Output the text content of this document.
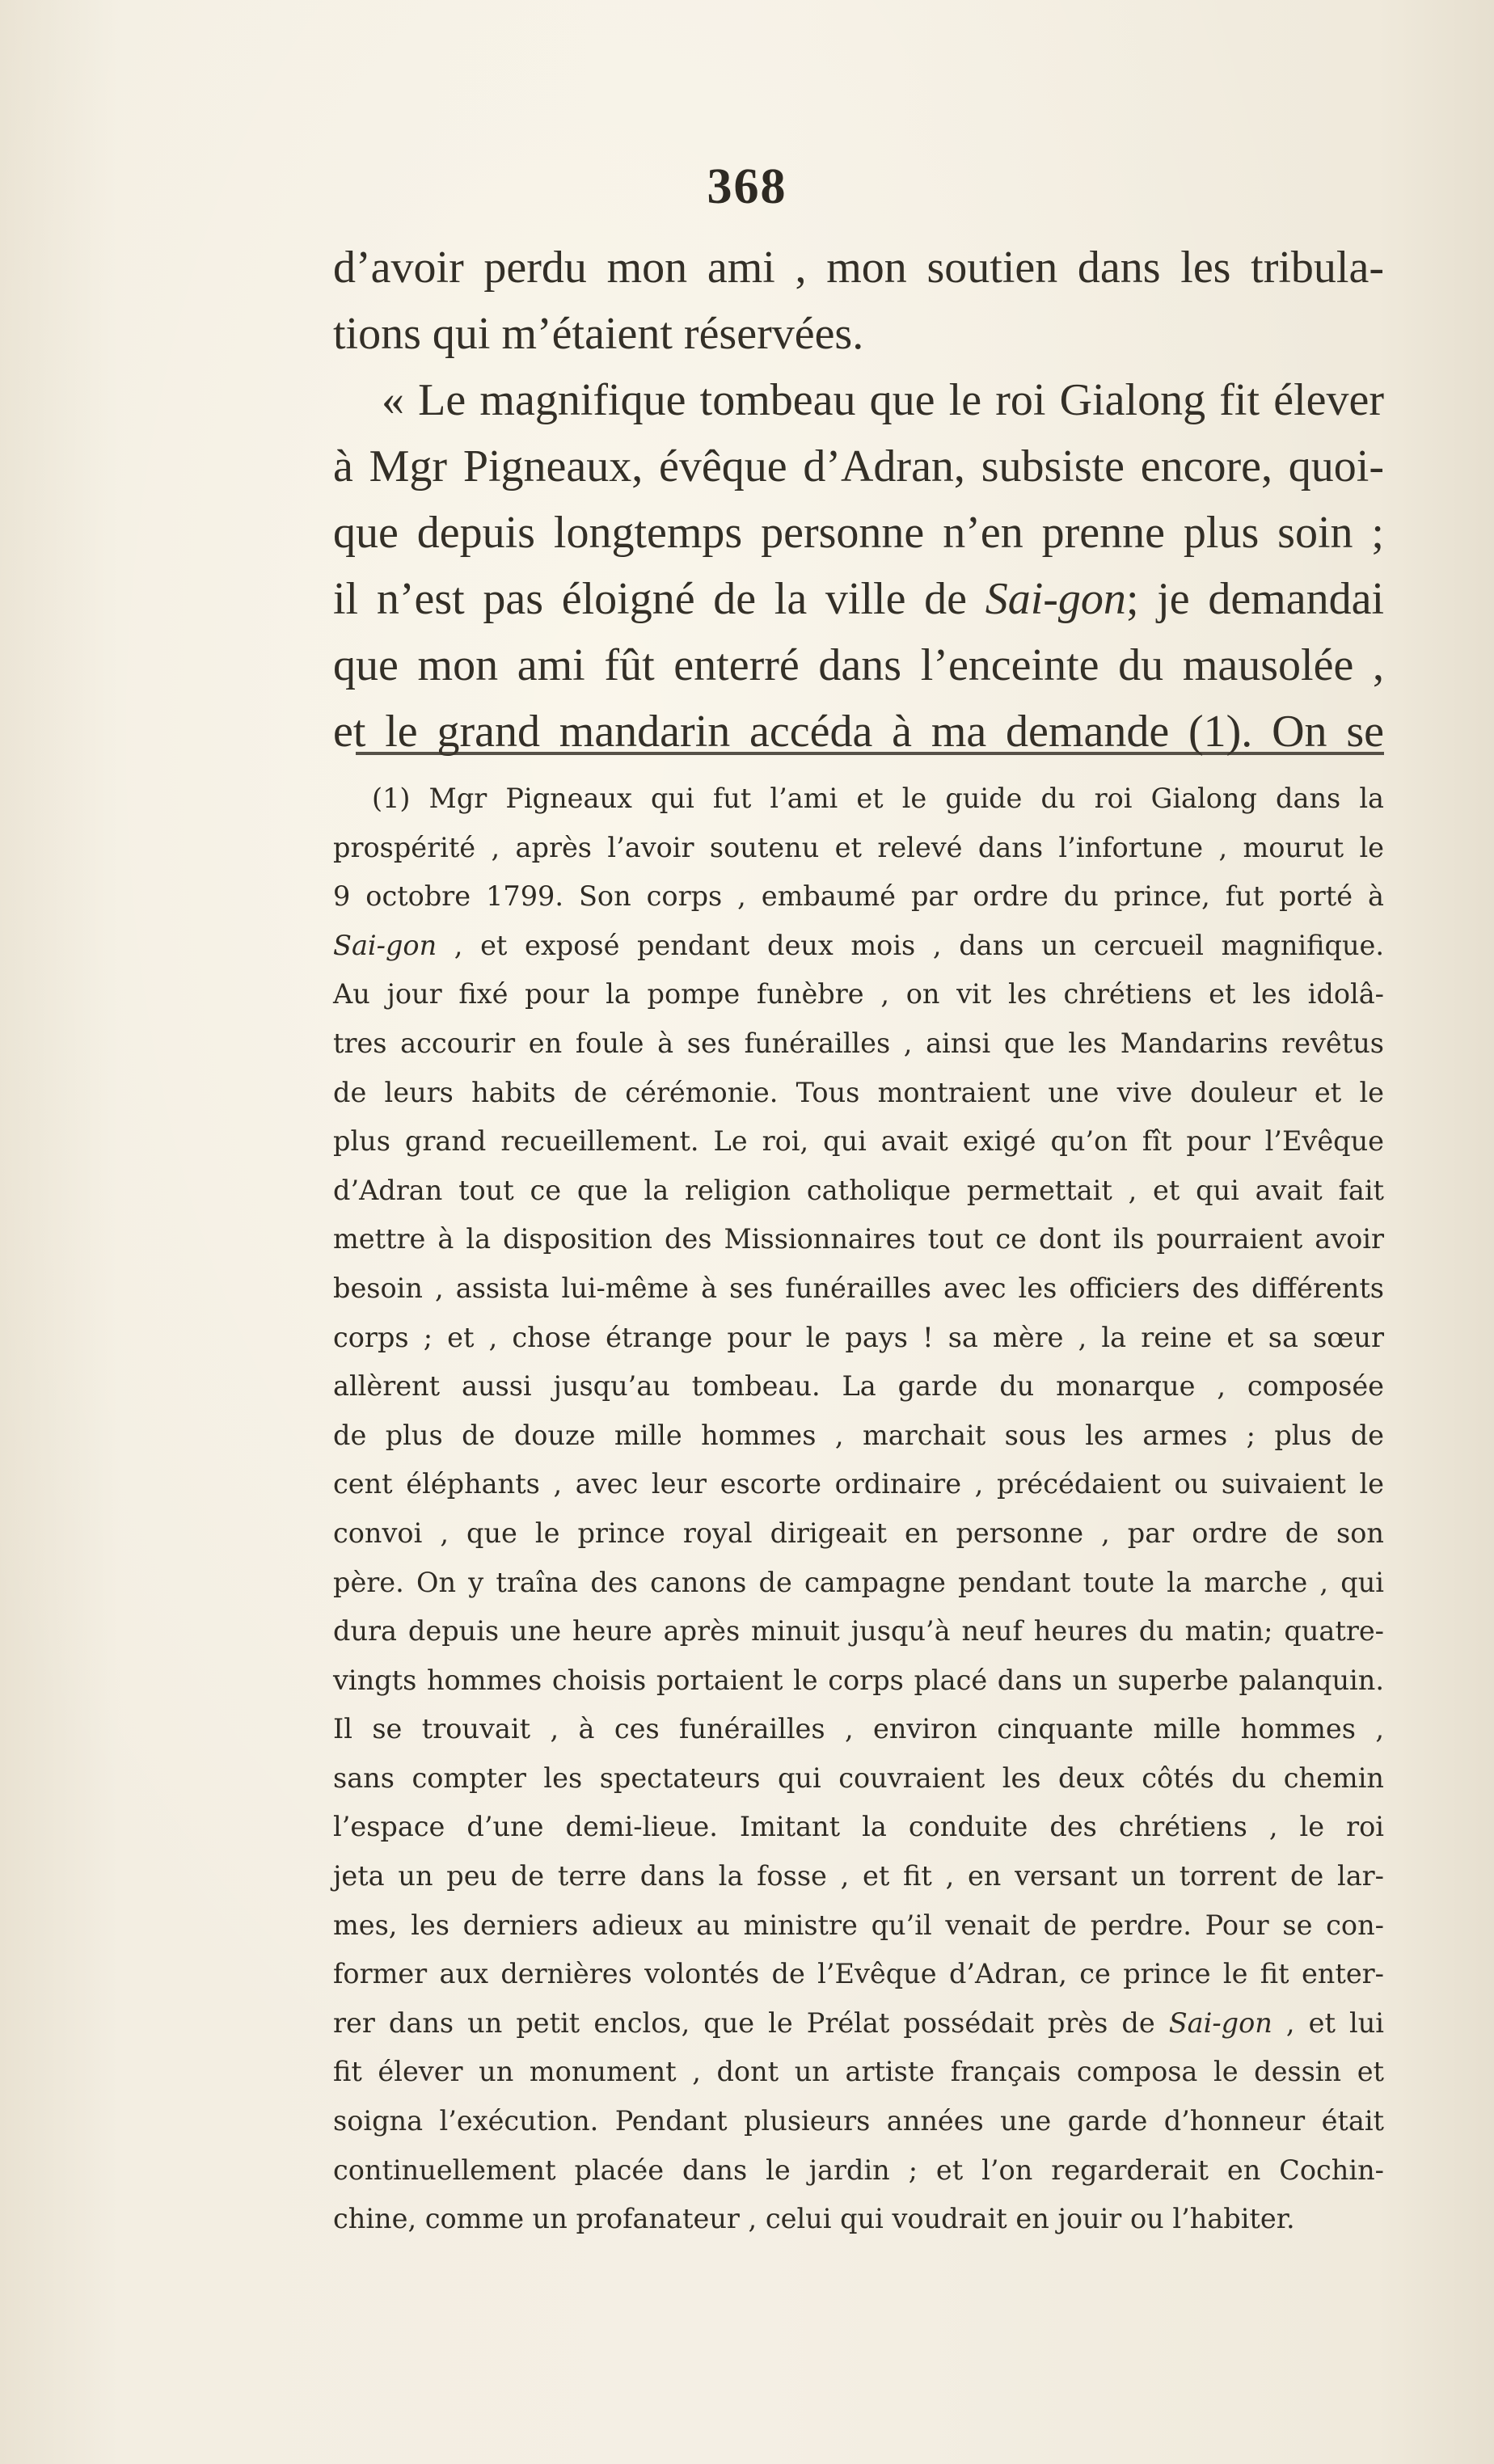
368
d’avoir perdu mon ami , mon soutien dans les tribula-
tions qui m’étaient réservées.
« Le magnifique tombeau que le roi Gialong fit élever
à Mgr Pigneaux, évêque d’Adran, subsiste encore, quoi-
que depuis longtemps personne n’en prenne plus soin ;
il n’est pas éloigné de la ville de Sai-gon; je demandai
que mon ami fût enterré dans l’enceinte du mausolée ,
et le grand mandarin accéda à ma demande (1). On se
(1) Mgr Pigneaux qui fut l’ami et le guide du roi Gialong dans la
prospérité , après l’avoir soutenu et relevé dans l’infortune , mourut le
9 octobre 1799. Son corps , embaumé par ordre du prince, fut porté à
Sai-gon , et exposé pendant deux mois , dans un cercueil magnifique.
Au jour fixé pour la pompe funèbre , on vit les chrétiens et les idolâ-
tres accourir en foule à ses funérailles , ainsi que les Mandarins revêtus
de leurs habits de cérémonie. Tous montraient une vive douleur et le
plus grand recueillement. Le roi, qui avait exigé qu’on fît pour l’Evêque
d’Adran tout ce que la religion catholique permettait , et qui avait fait
mettre à la disposition des Missionnaires tout ce dont ils pourraient avoir
besoin , assista lui-même à ses funérailles avec les officiers des différents
corps ; et , chose étrange pour le pays ! sa mère , la reine et sa sœur
allèrent aussi jusqu’au tombeau. La garde du monarque , composée
de plus de douze mille hommes , marchait sous les armes ; plus de
cent éléphants , avec leur escorte ordinaire , précédaient ou suivaient le
convoi , que le prince royal dirigeait en personne , par ordre de son
père. On y traîna des canons de campagne pendant toute la marche , qui
dura depuis une heure après minuit jusqu’à neuf heures du matin; quatre-
vingts hommes choisis portaient le corps placé dans un superbe palanquin.
Il se trouvait , à ces funérailles , environ cinquante mille hommes ,
sans compter les spectateurs qui couvraient les deux côtés du chemin
l’espace d’une demi-lieue. Imitant la conduite des chrétiens , le roi
jeta un peu de terre dans la fosse , et fit , en versant un torrent de lar-
mes, les derniers adieux au ministre qu’il venait de perdre. Pour se con-
former aux dernières volontés de l’Evêque d’Adran, ce prince le fit enter-
rer dans un petit enclos, que le Prélat possédait près de Sai-gon , et lui
fit élever un monument , dont un artiste français composa le dessin et
soigna l’exécution. Pendant plusieurs années une garde d’honneur était
continuellement placée dans le jardin ; et l’on regarderait en Cochin-
chine, comme un profanateur , celui qui voudrait en jouir ou l’habiter.
